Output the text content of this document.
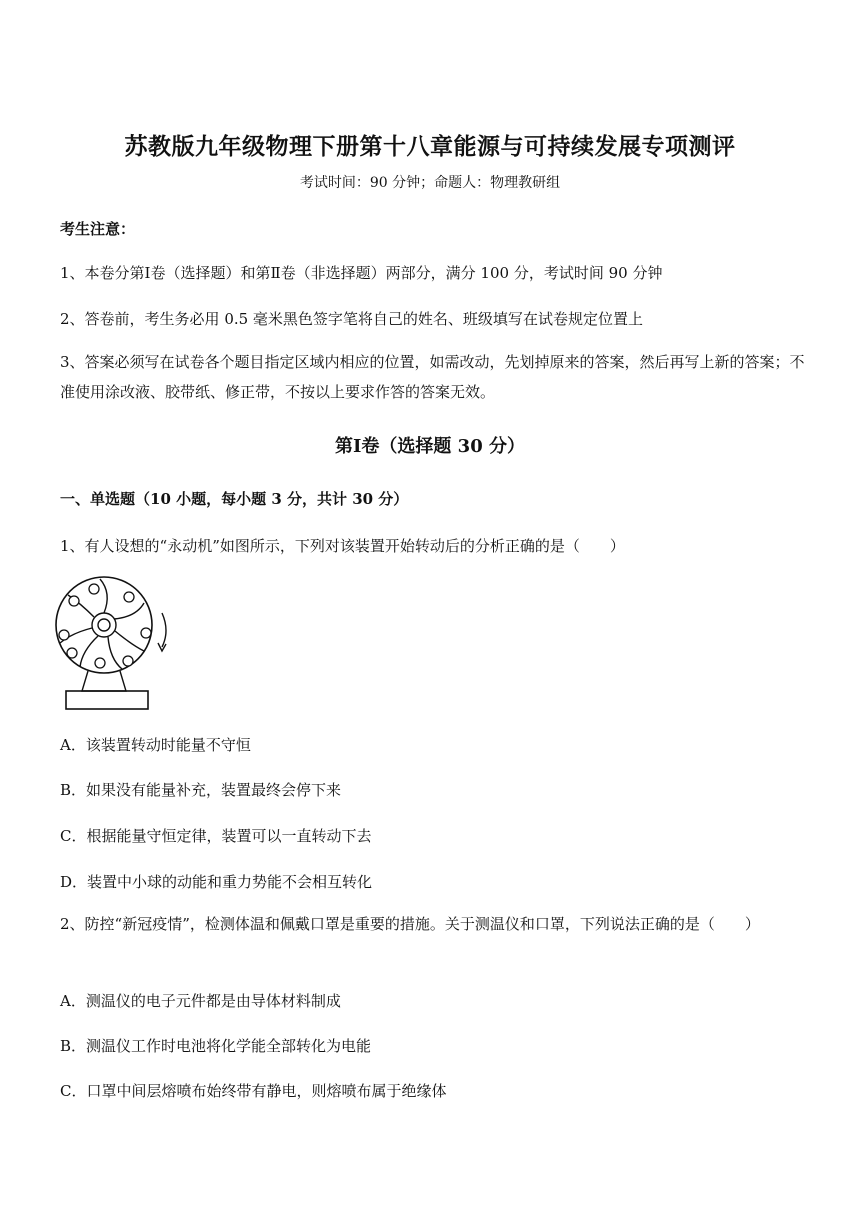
苏教版九年级物理下册第十八章能源与可持续发展专项测评
考试时间：90 分钟；命题人：物理教研组
考生注意：
1、本卷分第Ⅰ卷（选择题）和第Ⅱ卷（非选择题）两部分，满分 100 分，考试时间 90 分钟
2、答卷前，考生务必用 0.5 毫米黑色签字笔将自己的姓名、班级填写在试卷规定位置上
3、答案必须写在试卷各个题目指定区域内相应的位置，如需改动，先划掉原来的答案，然后再写上新的答案；不准使用涂改液、胶带纸、修正带，不按以上要求作答的答案无效。
第Ⅰ卷（选择题 30 分）
一、单选题（10 小题，每小题 3 分，共计 30 分）
1、有人设想的“永动机”如图所示，下列对该装置开始转动后的分析正确的是（　　）
A．该装置转动时能量不守恒
B．如果没有能量补充，装置最终会停下来
C．根据能量守恒定律，装置可以一直转动下去
D．装置中小球的动能和重力势能不会相互转化
2、防控“新冠疫情”，检测体温和佩戴口罩是重要的措施。关于测温仪和口罩，下列说法正确的是（　　）
A．测温仪的电子元件都是由导体材料制成
B．测温仪工作时电池将化学能全部转化为电能
C．口罩中间层熔喷布始终带有静电，则熔喷布属于绝缘体
